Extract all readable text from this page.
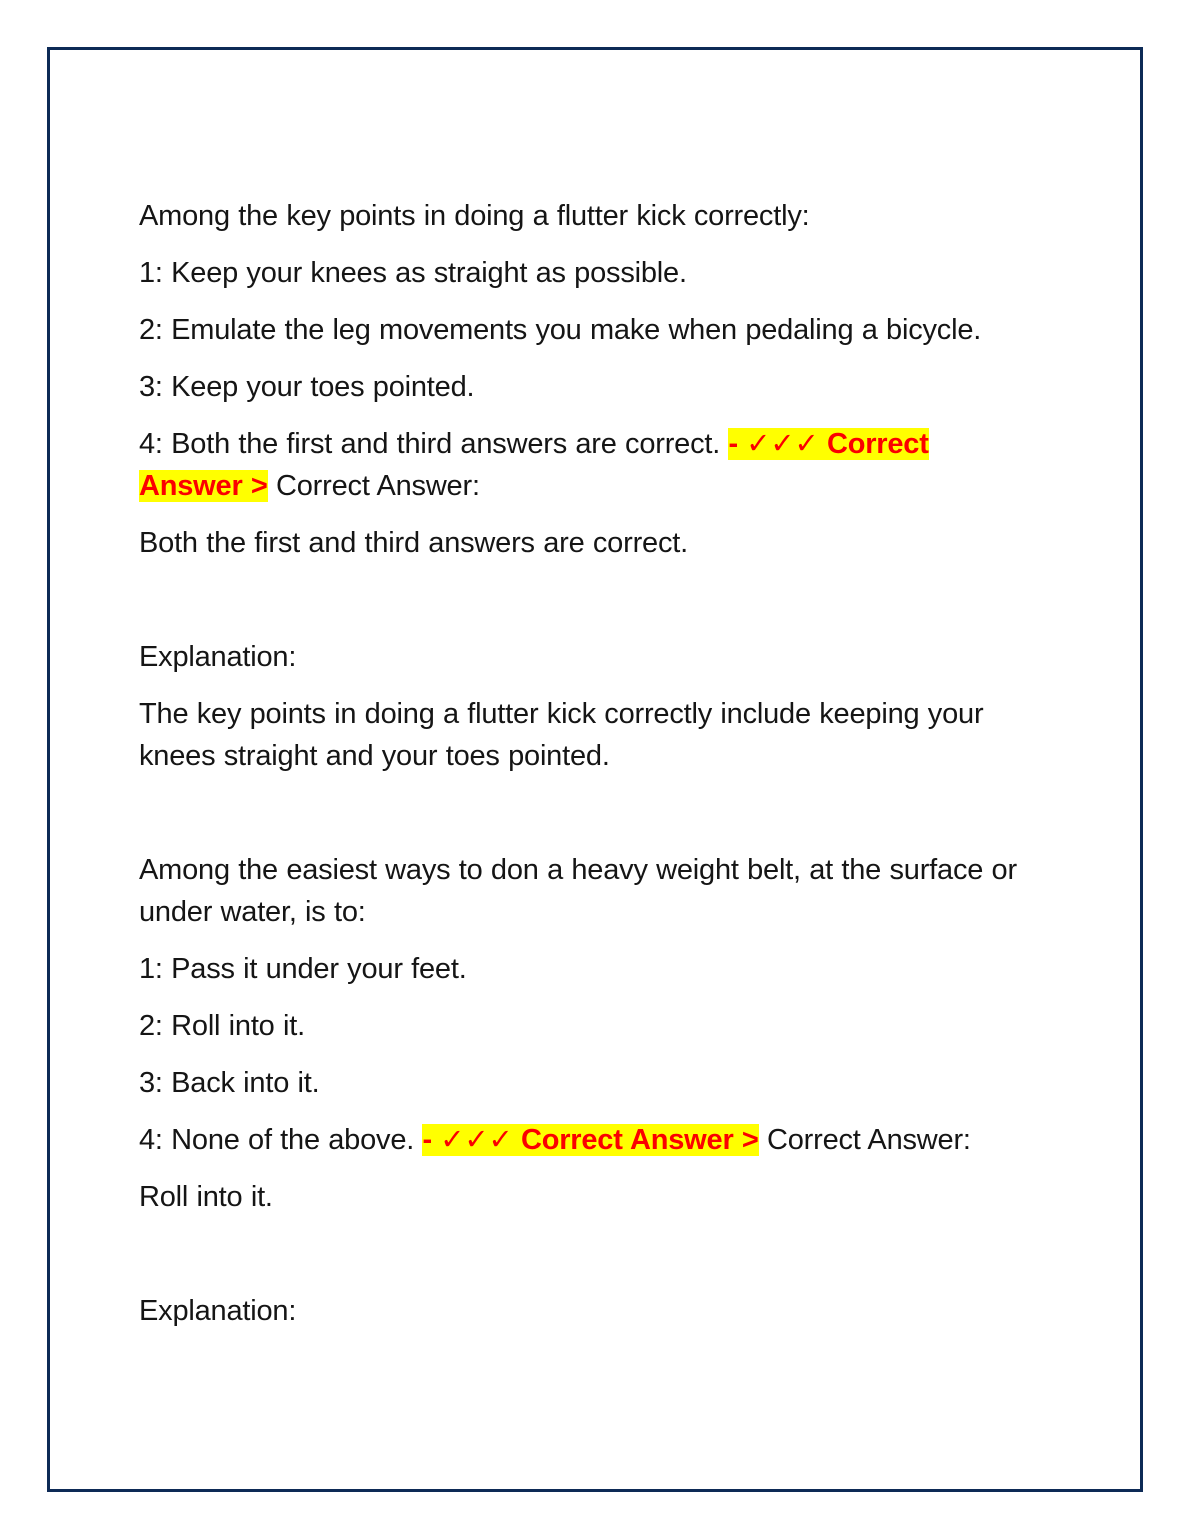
Among the key points in doing a flutter kick correctly:

1: Keep your knees as straight as possible.

2: Emulate the leg movements you make when pedaling a bicycle.

3: Keep your toes pointed.

4: Both the first and third answers are correct. - ✓✓✓ Correct Answer > Correct Answer:

Both the first and third answers are correct.

Explanation:

The key points in doing a flutter kick correctly include keeping your knees straight and your toes pointed.

Among the easiest ways to don a heavy weight belt, at the surface or under water, is to:

1: Pass it under your feet.

2: Roll into it.

3: Back into it.

4: None of the above. - ✓✓✓ Correct Answer > Correct Answer:

Roll into it.

Explanation:
